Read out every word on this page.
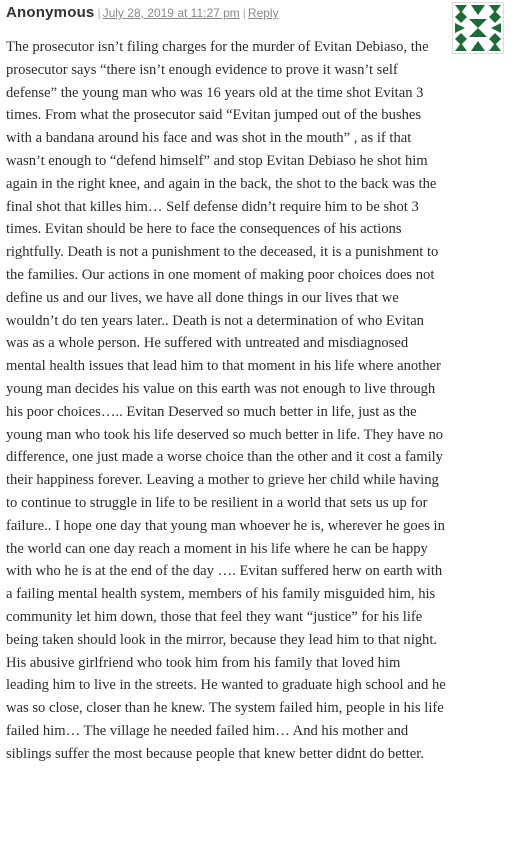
Anonymous | July 28, 2019 at 11:27 pm | Reply

The prosecutor isn’t filing charges for the murder of Evitan Debiaso, the prosecutor says “there isn’t enough evidence to prove it wasn’t self defense” the young man who was 16 years old at the time shot Evitan 3 times. From what the prosecutor said “Evitan jumped out of the bushes with a bandana around his face and was shot in the mouth” , as if that wasn’t enough to “defend himself” and stop Evitan Debiaso he shot him again in the right knee, and again in the back, the shot to the back was the final shot that killes him… Self defense didn’t require him to be shot 3 times. Evitan should be here to face the consequences of his actions rightfully. Death is not a punishment to the deceased, it is a punishment to the families. Our actions in one moment of making poor choices does not define us and our lives, we have all done things in our lives that we wouldn’t do ten years later.. Death is not a determination of who Evitan was as a whole person. He suffered with untreated and misdiagnosed mental health issues that lead him to that moment in his life where another young man decides his value on this earth was not enough to live through his poor choices….. Evitan Deserved so much better in life, just as the young man who took his life deserved so much better in life. They have no difference, one just made a worse choice than the other and it cost a family their happiness forever. Leaving a mother to grieve her child while having to continue to struggle in life to be resilient in a world that sets us up for failure.. I hope one day that young man whoever he is, wherever he goes in the world can one day reach a moment in his life where he can be happy with who he is at the end of the day …. Evitan suffered herw on earth with a failing mental health system, members of his family misguided him, his community let him down, those that feel they want “justice” for his life being taken should look in the mirror, because they lead him to that night. His abusive girlfriend who took him from his family that loved him leading him to live in the streets. He wanted to graduate high school and he was so close, closer than he knew. The system failed him, people in his life failed him… The village he needed failed him… And his mother and siblings suffer the most because people that knew better didnt do better.
